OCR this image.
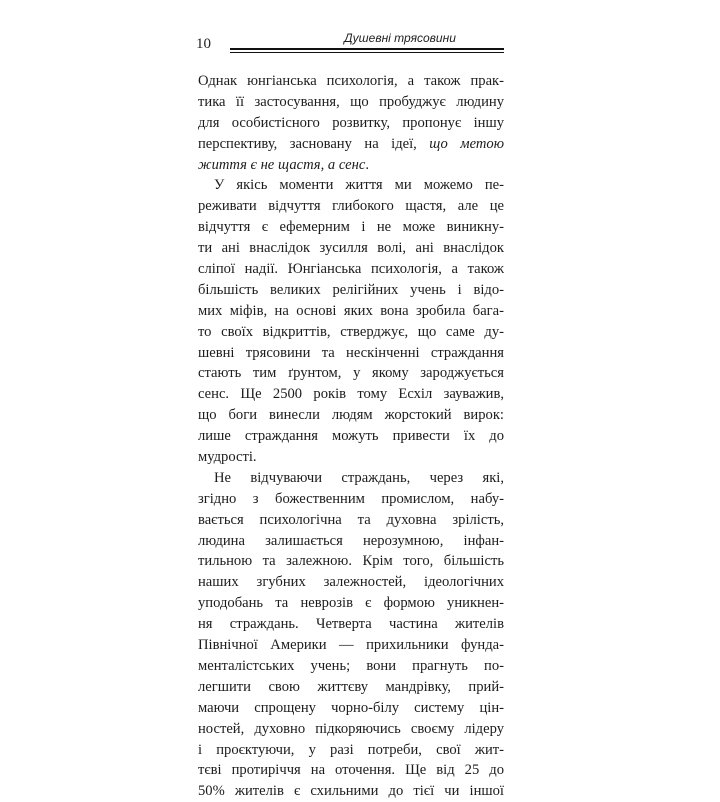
10	Душевні трясовини
Однак юнгіанська психологія, а також прак-
тика її застосування, що пробуджує людину
для особистісного розвитку, пропонує іншу
перспективу, засновану на ідеї, що метою
життя є не щастя, а сенс.
У якісь моменти життя ми можемо пе-
реживати відчуття глибокого щастя, але це
відчуття є ефемерним і не може виникну-
ти ані внаслідок зусилля волі, ані внаслідок
сліпої надії. Юнгіанська психологія, а також
більшість великих релігійних учень і відо-
мих міфів, на основі яких вона зробила бага-
то своїх відкриттів, стверджує, що саме ду-
шевні трясовини та нескінченні страждання
стають тим ґрунтом, у якому зароджується
сенс. Ще 2500 років тому Есхіл зауважив,
що боги винесли людям жорстокий вирок:
лише страждання можуть привести їх до
мудрості.
Не відчуваючи страждань, через які,
згідно з божественним промислом, набу-
вається психологічна та духовна зрілість,
людина залишається нерозумною, інфан-
тильною та залежною. Крім того, більшість
наших згубних залежностей, ідеологічних
уподобань та неврозів є формою уникнен-
ня страждань. Четверта частина жителів
Північної Америки — прихильники фунда-
менталістських учень; вони прагнуть по-
легшити свою життєву мандрівку, прий-
маючи спрощену чорно-білу систему цін-
ностей, духовно підкоряючись своєму лідеру
і проєктуючи, у разі потреби, свої жит-
тєві протиріччя на оточення. Ще від 25 до
50% жителів є схильними до тієї чи іншої
